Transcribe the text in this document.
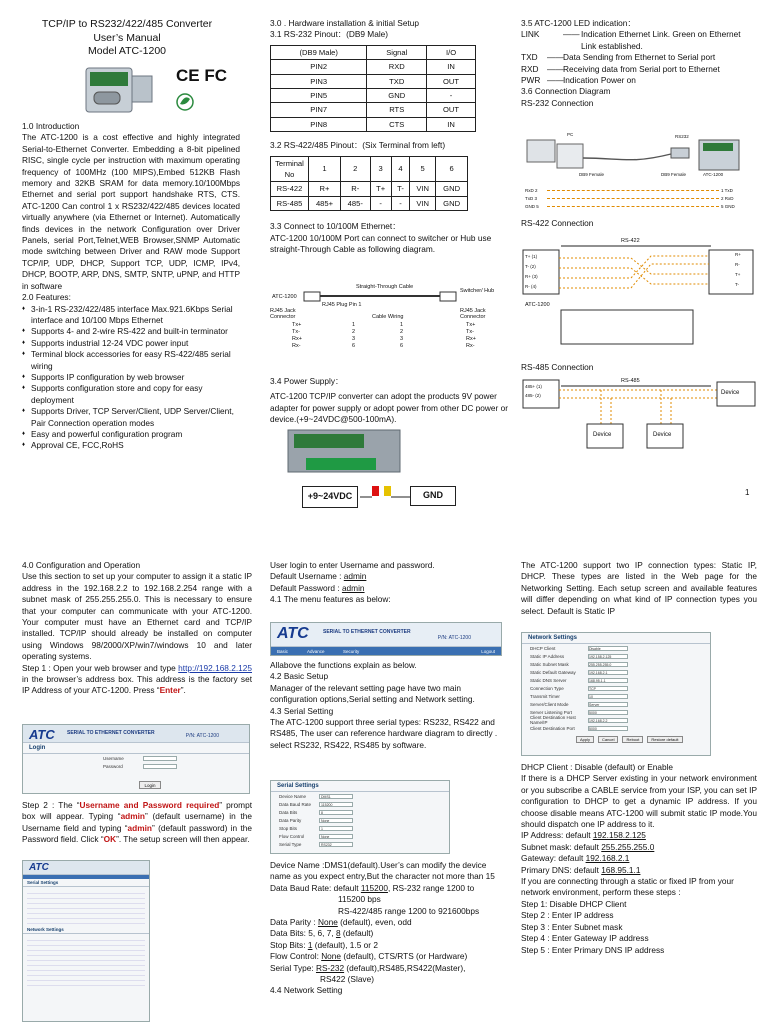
TCP/IP to RS232/422/485 Converter
User’s Manual
Model ATC-1200
CE FC
1.0 Introduction
The ATC-1200 is a cost effective and highly integrated Serial-to-Ethernet Converter. Embedding a 8-bit pipelined RISC, single cycle per instruction with maximum operating frequency of 100MHz (100 MIPS),Embed 512KB Flash memory and 32KB SRAM for data memory.10/100Mbps Ethernet and serial port support handshake RTS, CTS. ATC-1200 Can control 1 x RS232/422/485 devices located virtually anywhere (via Ethernet or Internet). Automatically finds devices in the network Configuration over Driver Panels, serial Port,Telnet,WEB Browser,SNMP Automatic mode switching between Driver and RAW mode Support TCP/IP, UDP, DHCP, Support TCP, UDP, ICMP, IPv4, DHCP, BOOTP, ARP, DNS, SMTP, SNTP, uPNP, and HTTP in software
2.0 Features:
♦ 3-in-1 RS-232/422/485 interface Max.921.6Kbps Serial interface and 10/100 Mbps Ethernet
♦ Supports 4- and 2-wire RS-422 and built-in terminator
♦ Supports industrial 12-24 VDC power input
♦ Terminal block accessories for easy RS-422/485 serial wiring
♦ Supports IP configuration by web browser
♦ Supports configuration store and copy for easy deployment
♦ Supports Driver, TCP Server/Client, UDP Server/Client, Pair Connection operation modes
♦ Easy and powerful configuration program
♦ Approval CE, FCC,RoHS
3.0 . Hardware installation & initial Setup
3.1 RS-232 Pinout：(DB9 Male)
(DB9 Male)	Signal	I/O
PIN2	RXD	IN
PIN3	TXD	OUT
PIN5	GND	-
PIN7	RTS	OUT
PIN8	CTS	IN
3.2 RS-422/485 Pinout：(Six Terminal from left)
Terminal No	1	2	3	4	5	6
RS-422	R+	R-	T+	T-	VIN	GND
RS-485	485+	485-	-	-	VIN	GND
3.3 Connect to 10/100M Ethernet：
ATC-1200 10/100M Port can connect to switcher or Hub use straight-Through Cable as following diagram.
Straight-Through Cable
RJ45 Plug Pin 1
ATC-1200
Switcher/ Hub
RJ45 Jack Connector
RJ45 Jack Connector
Cable Wiring
Tx+	1	1	Tx+
Tx-	2	2	Tx-
Rx+	3	3	Rx+
Rx-	6	6	Rx-
3.4 Power Supply：
ATC-1200 TCP/IP converter can adopt the products 9V power adapter for power supply or adopt power from other DC power or device.(+9~24VDC@500-100mA).
+9~24VDC	GND
3.5 ATC-1200 LED indication：
LINK	—— Indication Ethernet Link. Green on Ethernet Link established.
TXD	—— Data Sending from Ethernet to Serial port
RXD	—— Receiving data from Serial port to Ethernet
PWR —— Indication Power on
3.6 Connection Diagram
RS-232 Connection
PC	RS232
ATC-1200
DB9 Female	DB9 Female
RxD 2	1 TxD
TxD 3	2 RxD
GND 5	5 GND
RS-422 Connection
RS-422
T+ (1)
T- (2)
R+ (3)
R- (4)
R+
R-
T+
T-
ATC-1200
RS-485 Connection
RS-485
485+ (1)
485- (2)	Device
Device	Device
1
4.0 Configuration and Operation
Use this section to set up your computer to assign it a static IP address in the 192.168.2.2 to 192.168.2.254 range with a subnet mask of 255.255.255.0. This is necessary to ensure that your computer can communicate with your ATC-1200. Your computer must have an Ethernet card and TCP/IP installed. TCP/IP should already be installed on computer using Windows 98/2000/XP/win7/windows 10 and later operating systems.
Step 1 : Open your web browser and type http://192.168.2.125 in the browser’s address box. This address is the factory set IP Address of your ATC-1200. Press “Enter”.
ATC SERIAL TO ETHERNET CONVERTER	P/N: ATC-1200
Login
Username
Password
Login
Step 2 : The “Username and Password required” prompt box will appear. Typing “admin” (default username) in the Username field and typing “admin” (default password) in the Password field. Click “OK”. The setup screen will then appear.
ATC
Serial Settings
Network Settings
User login to enter Username and password.
Default Username : admin
Default Password : admin
4.1 The menu features as below:
ATC	SERIAL TO ETHERNET CONVERTER
P/N: ATC-1200
Basic	Advance	Security	Logout
Allabove the functions explain as below.
4.2 Basic Setup
Manager of the relevant setting page have two main configuration options,Serial setting and Network setting.
4.3 Serial Setting
The ATC-1200 support three serial types: RS232, RS422 and RS485, The user can reference hardware diagram to directly . select RS232, RS422, RS485 by software.
Serial Settings
Device Name	DMS1
Data Baud Rate	115200
Data Bits	8
Data Parity	None
Stop Bits	1
Flow Control	None
Serial Type	RS232
Device Name :DMS1(default).User’s can modify the device name as you expect entry,But the character not more than 15
Data Baud Rate: default 115200, RS-232 range 1200 to
115200 bps
RS-422/485 range 1200 to 921600bps
Data Parity : None (default), even, odd
Data Bits: 5, 6, 7, 8 (default)
Stop Bits: 1 (default), 1.5 or 2
Flow Control: None (default), CTS/RTS (or Hardware)
Serial Type: RS-232 (default),RS485,RS422(Master),
RS422 (Slave)
4.4 Network Setting
The ATC-1200 support two IP connection types: Static IP, DHCP. These types are listed in the Web page for the Networking Setting. Each setup screen and available features will differ depending on what kind of IP connection types you select. Default is Static IP
Network Settings
DHCP Client	Disable
Static IP Address	192.158.2.125
Static Subnet Mask	255.255.255.0
Static Default Gateway	192.168.2.1
Static DNS Server	168.95.1.1
Connection Type	TCP
Transmit Timer	10
Server/Client Mode	Server
Server Listening Port	5000
Client Destination Host Name/IP	192.168.2.2
Client Destination Port	5000
Apply	Cancel	Reboot	Restore default
DHCP Client : Disable (default) or Enable
If there is a DHCP Server existing in your network environment or you subscribe a CABLE service from your ISP, you can set IP configuration to DHCP to get a dynamic IP address. If you choose disable means ATC-1200 will submit static IP mode.You should dispatch one IP address to it.
IP Address: default 192.158.2.125
Subnet mask: default 255.255.255.0
Gateway: default 192.168.2.1
Primary DNS: default 168.95.1.1
If you are connecting through a static or fixed IP from your network environment, perform these steps :
Step 1: Disable DHCP Client
Step 2 : Enter IP address
Step 3 : Enter Subnet mask
Step 4 : Enter Gateway IP address
Step 5 : Enter Primary DNS IP address
